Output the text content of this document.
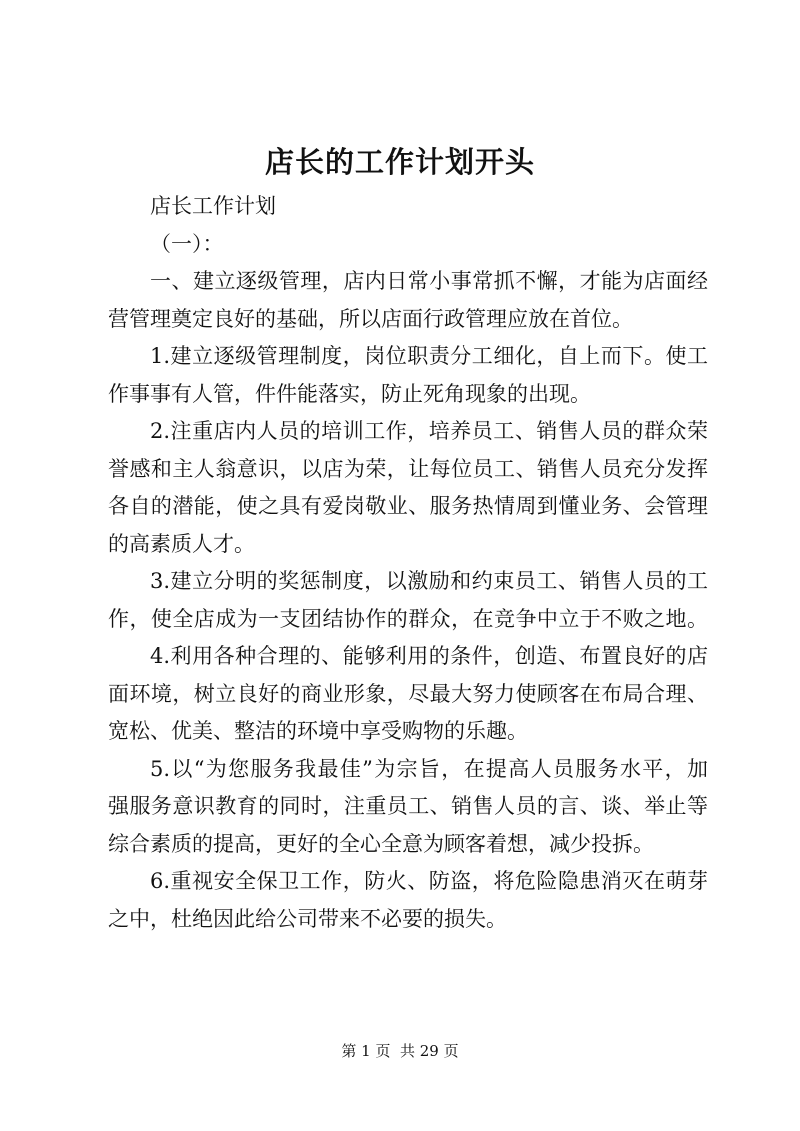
店长的工作计划开头

店长工作计划

（一）：

一、建立逐级管理，店内日常小事常抓不懈，才能为店面经

营管理奠定良好的基础，所以店面行政管理应放在首位。

1.建立逐级管理制度，岗位职责分工细化，自上而下。使工

作事事有人管，件件能落实，防止死角现象的出现。

2.注重店内人员的培训工作，培养员工、销售人员的群众荣

誉感和主人翁意识，以店为荣，让每位员工、销售人员充分发挥

各自的潜能，使之具有爱岗敬业、服务热情周到懂业务、会管理

的高素质人才。

3.建立分明的奖惩制度，以激励和约束员工、销售人员的工

作，使全店成为一支团结协作的群众，在竞争中立于不败之地。

4.利用各种合理的、能够利用的条件，创造、布置良好的店

面环境，树立良好的商业形象，尽最大努力使顾客在布局合理、

宽松、优美、整洁的环境中享受购物的乐趣。

5.以“为您服务我最佳”为宗旨，在提高人员服务水平，加

强服务意识教育的同时，注重员工、销售人员的言、谈、举止等

综合素质的提高，更好的全心全意为顾客着想，减少投拆。

6.重视安全保卫工作，防火、防盗，将危险隐患消灭在萌芽

之中，杜绝因此给公司带来不必要的损失。

第 1 页  共 29 页
